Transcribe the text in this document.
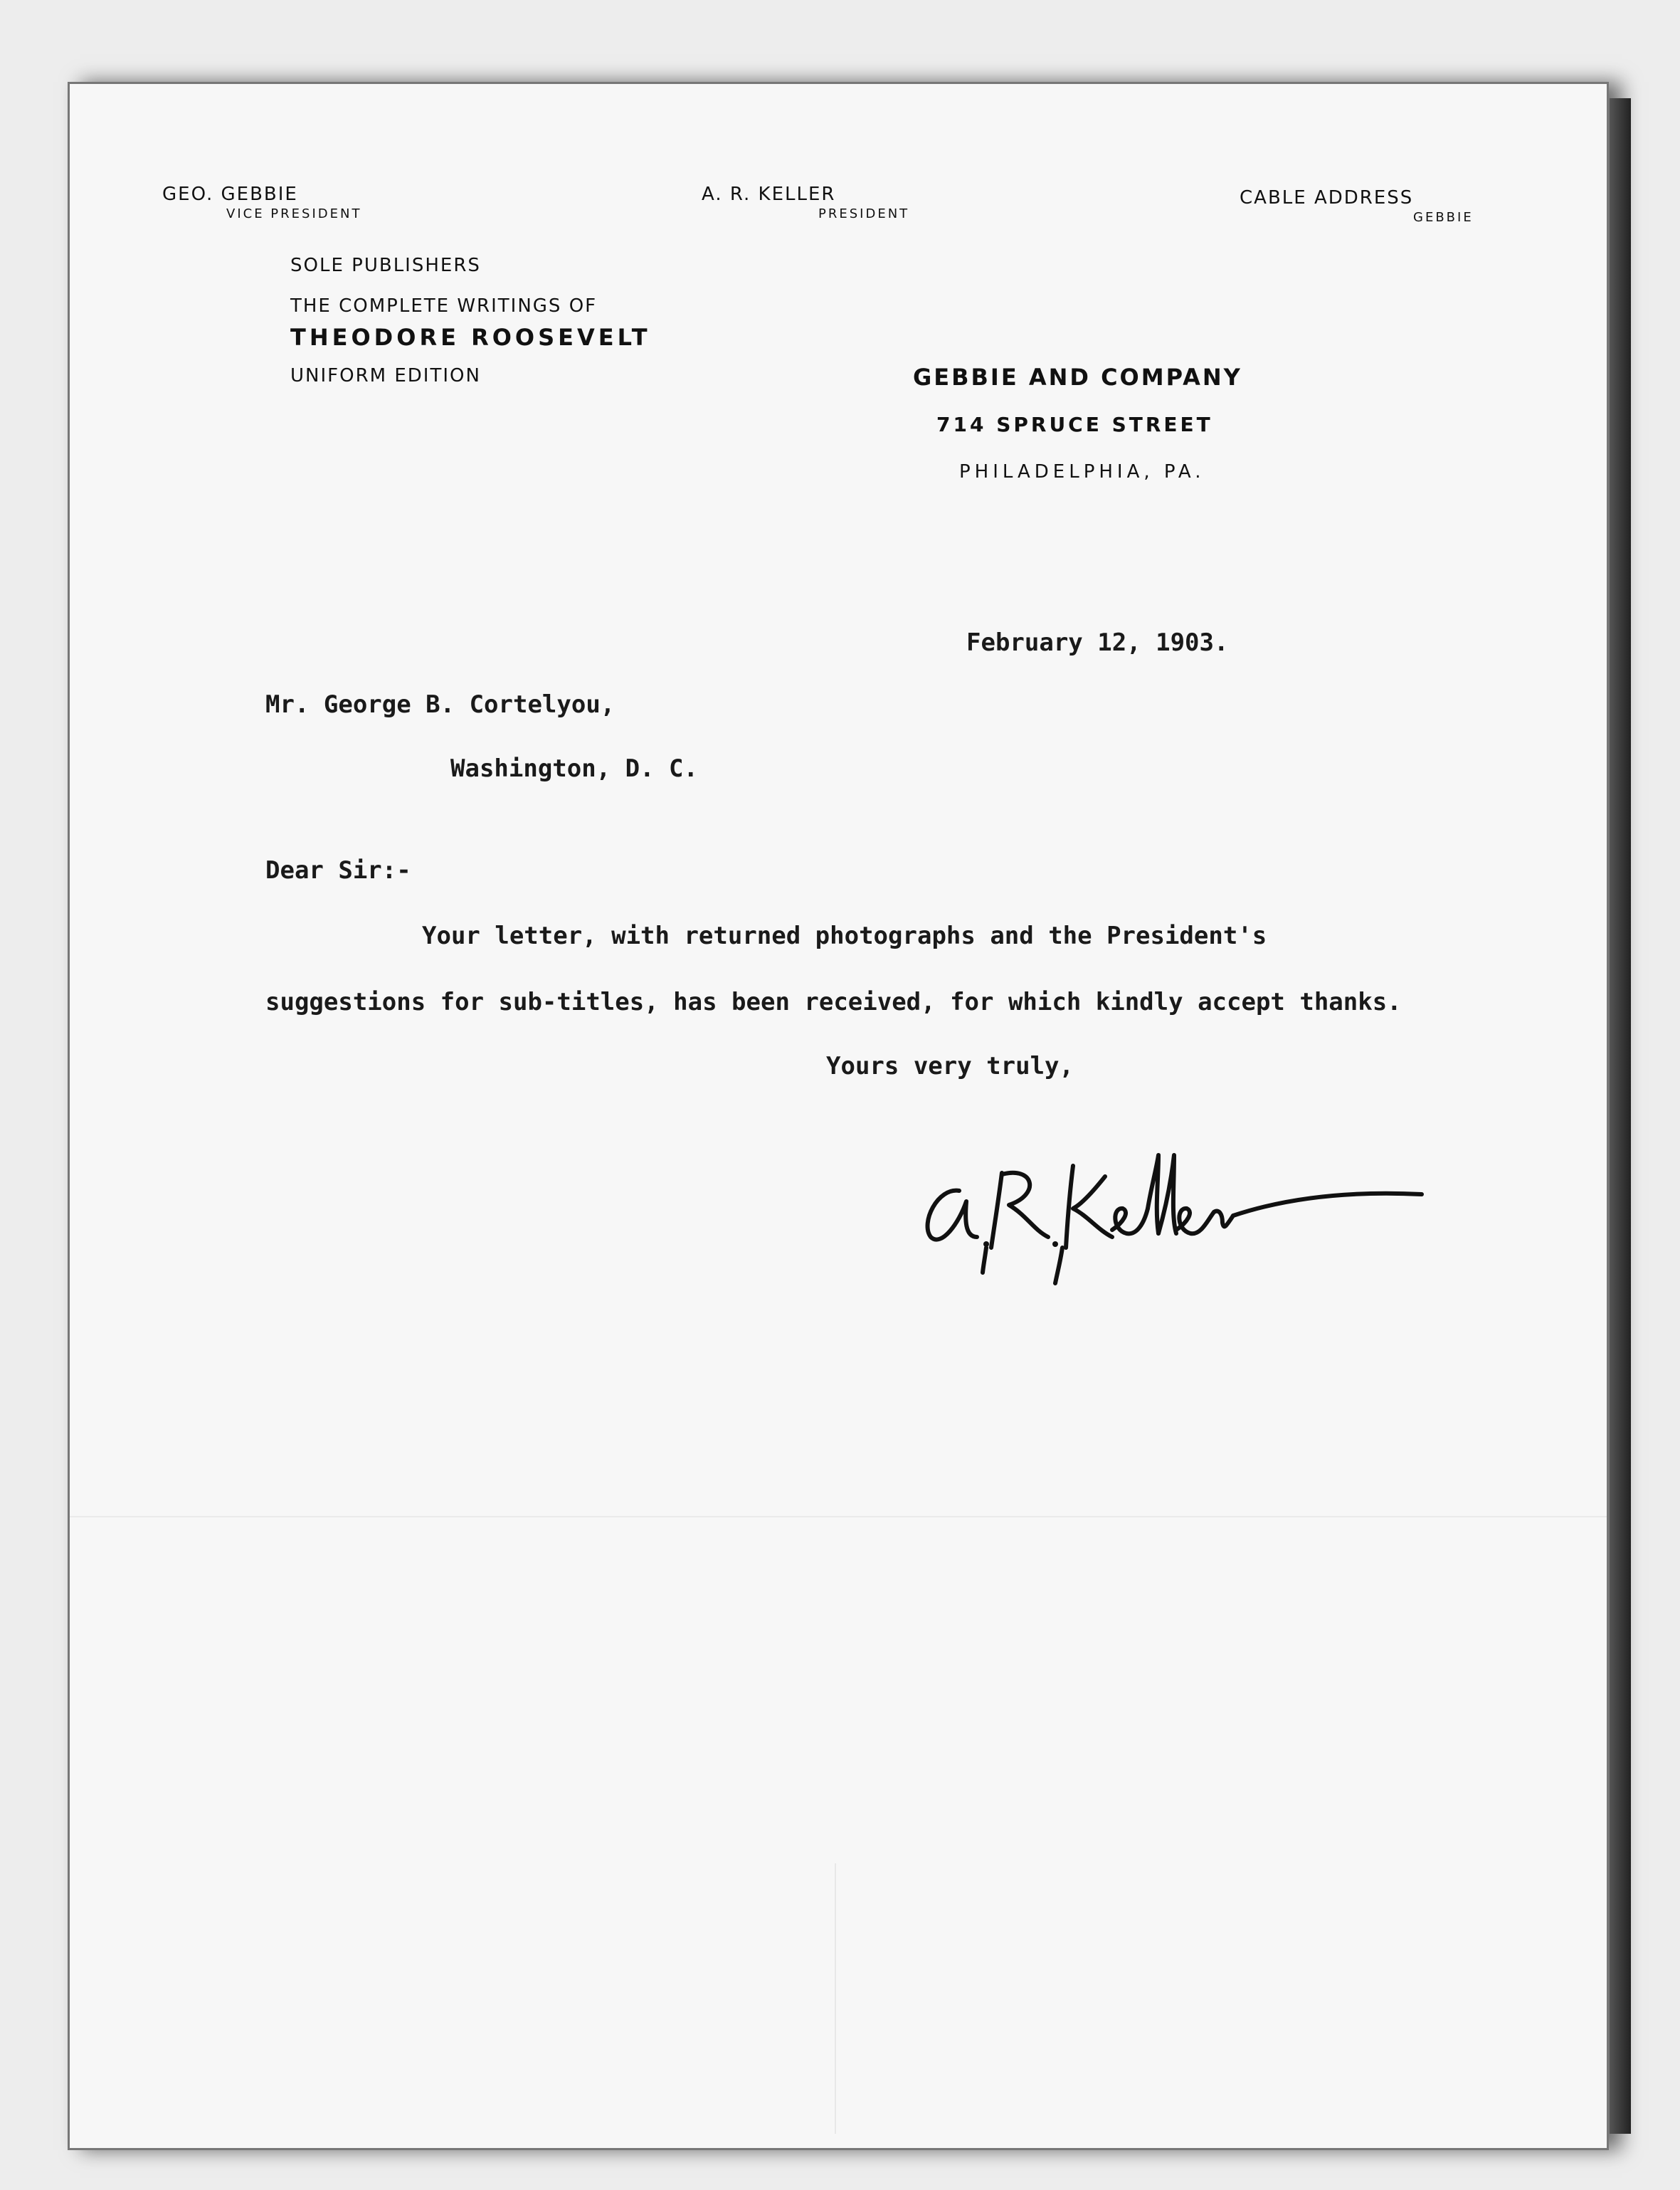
GEO. GEBBIE
VICE PRESIDENT
A. R. KELLER
PRESIDENT
CABLE ADDRESS
GEBBIE
SOLE PUBLISHERS
THE COMPLETE WRITINGS OF
THEODORE ROOSEVELT
UNIFORM EDITION	GEBBIE AND COMPANY
714 SPRUCE STREET
PHILADELPHIA, PA.
February 12, 1903.
Mr. George B. Cortelyou,
Washington, D. C.
Dear Sir:-
Your letter, with returned photographs and the President's
suggestions for sub-titles, has been received, for which kindly accept thanks.
Yours very truly,
